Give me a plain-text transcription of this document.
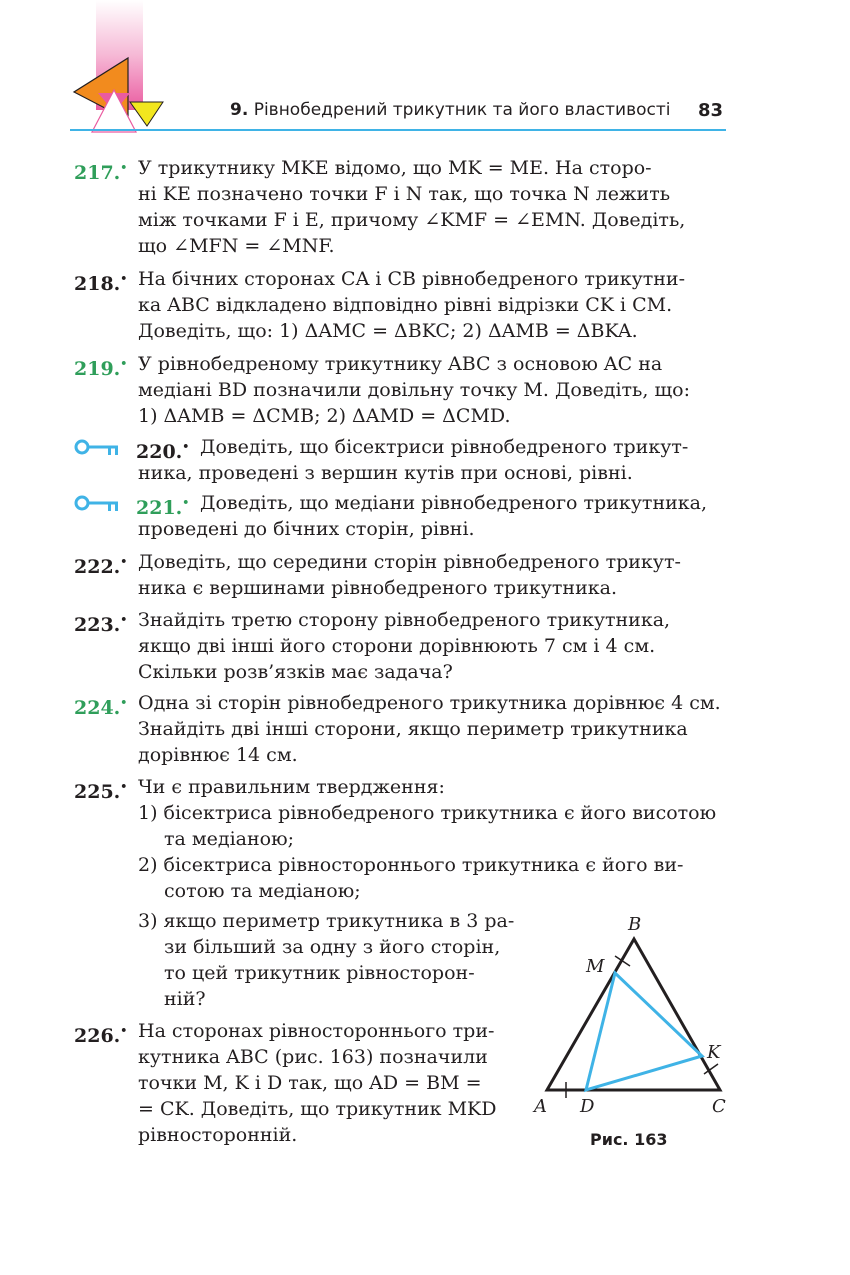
9. Рівнобедрений трикутник та його властивості 83
217.• У трикутнику MKE відомо, що MK = ME. На сторо-
ні KE позначено точки F і N так, що точка N лежить
між точками F і E, причому ∠KMF = ∠EMN. Доведіть,
що ∠MFN = ∠MNF.
218.• На бічних сторонах CA і CB рівнобедреного трикутни-
ка ABC відкладено відповідно рівні відрізки CK і CM.
Доведіть, що: 1) ΔAMC = ΔBKC; 2) ΔAMB = ΔBKA.
219.• У рівнобедреному трикутнику ABC з основою AC на
медіані BD позначили довільну точку M. Доведіть, що:
1) ΔAMB = ΔCMB; 2) ΔAMD = ΔCMD.
220.• Доведіть, що бісектриси рівнобедреного трикут-
ника, проведені з вершин кутів при основі, рівні.
221.• Доведіть, що медіани рівнобедреного трикутника,
проведені до бічних сторін, рівні.
222.• Доведіть, що середини сторін рівнобедреного трикут-
ника є вершинами рівнобедреного трикутника.
223.• Знайдіть третю сторону рівнобедреного трикутника,
якщо дві інші його сторони дорівнюють 7 см і 4 см.
Скільки розв’язків має задача?
224.• Одна зі сторін рівнобедреного трикутника дорівнює 4 см.
Знайдіть дві інші сторони, якщо периметр трикутника
дорівнює 14 см.
225.• Чи є правильним твердження:
1) бісектриса рівнобедреного трикутника є його висотою
та медіаною;
2) бісектриса рівностороннього трикутника є його ви-
сотою та медіаною;
3) якщо периметр трикутника в 3 ра-
зи більший за одну з його сторін,
то цей трикутник рівносторон-
ній?
226.• На сторонах рівностороннього три-
кутника ABC (рис. 163) позначили
точки M, K і D так, що AD = BM =
= CK. Доведіть, що трикутник MKD
рівносторонній.
B
M
K
A D	C
Рис. 163
